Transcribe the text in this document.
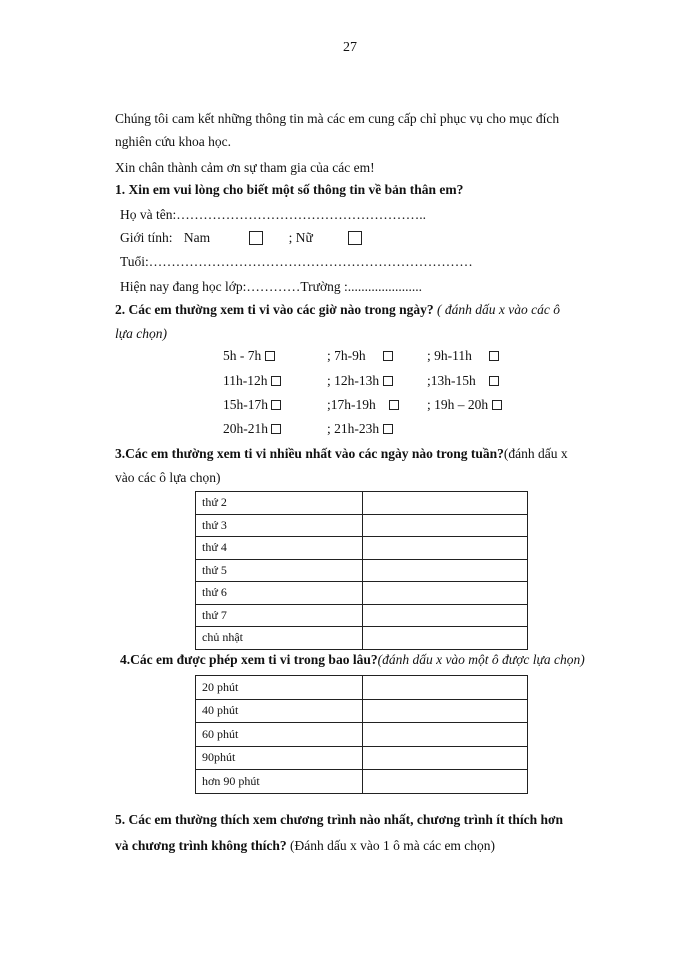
27
Chúng tôi cam kết những thông tin mà các em cung cấp chỉ phục vụ cho mục đích
nghiên cứu khoa học.
Xin chân thành cảm ơn sự tham gia của các em!
1. Xin em vui lòng cho biết một số thông tin về bản thân em?
Họ và tên:………………………………………………..
Giới tính: Nam	; Nữ
Tuổi:………………………………………………………………
Hiện nay đang học lớp:…………Trường :......................
2. Các em thường xem ti vi vào các giờ nào trong ngày? ( đánh dấu x vào các ô
lựa chọn)
5h - 7h	; 7h-9h	; 9h-11h
11h-12h	; 12h-13h	;13h-15h
15h-17h	;17h-19h	; 19h – 20h
20h-21h	; 21h-23h
3.Các em thường xem ti vi nhiều nhất vào các ngày nào trong tuần?(đánh dấu x
vào các ô lựa chọn)
thứ 2	
thứ 3	
thứ 4	
thứ 5	
thứ 6	
thứ 7	
chủ nhật	
4.Các em được phép xem ti vi trong bao lâu?(đánh dấu x vào một ô được lựa chọn)
20 phút	
40 phút	
60 phút	
90phút	
hơn 90 phút	
5. Các em thường thích xem chương trình nào nhất, chương trình ít thích hơn
và chương trình không thích? (Đánh dấu x vào 1 ô mà các em chọn)
